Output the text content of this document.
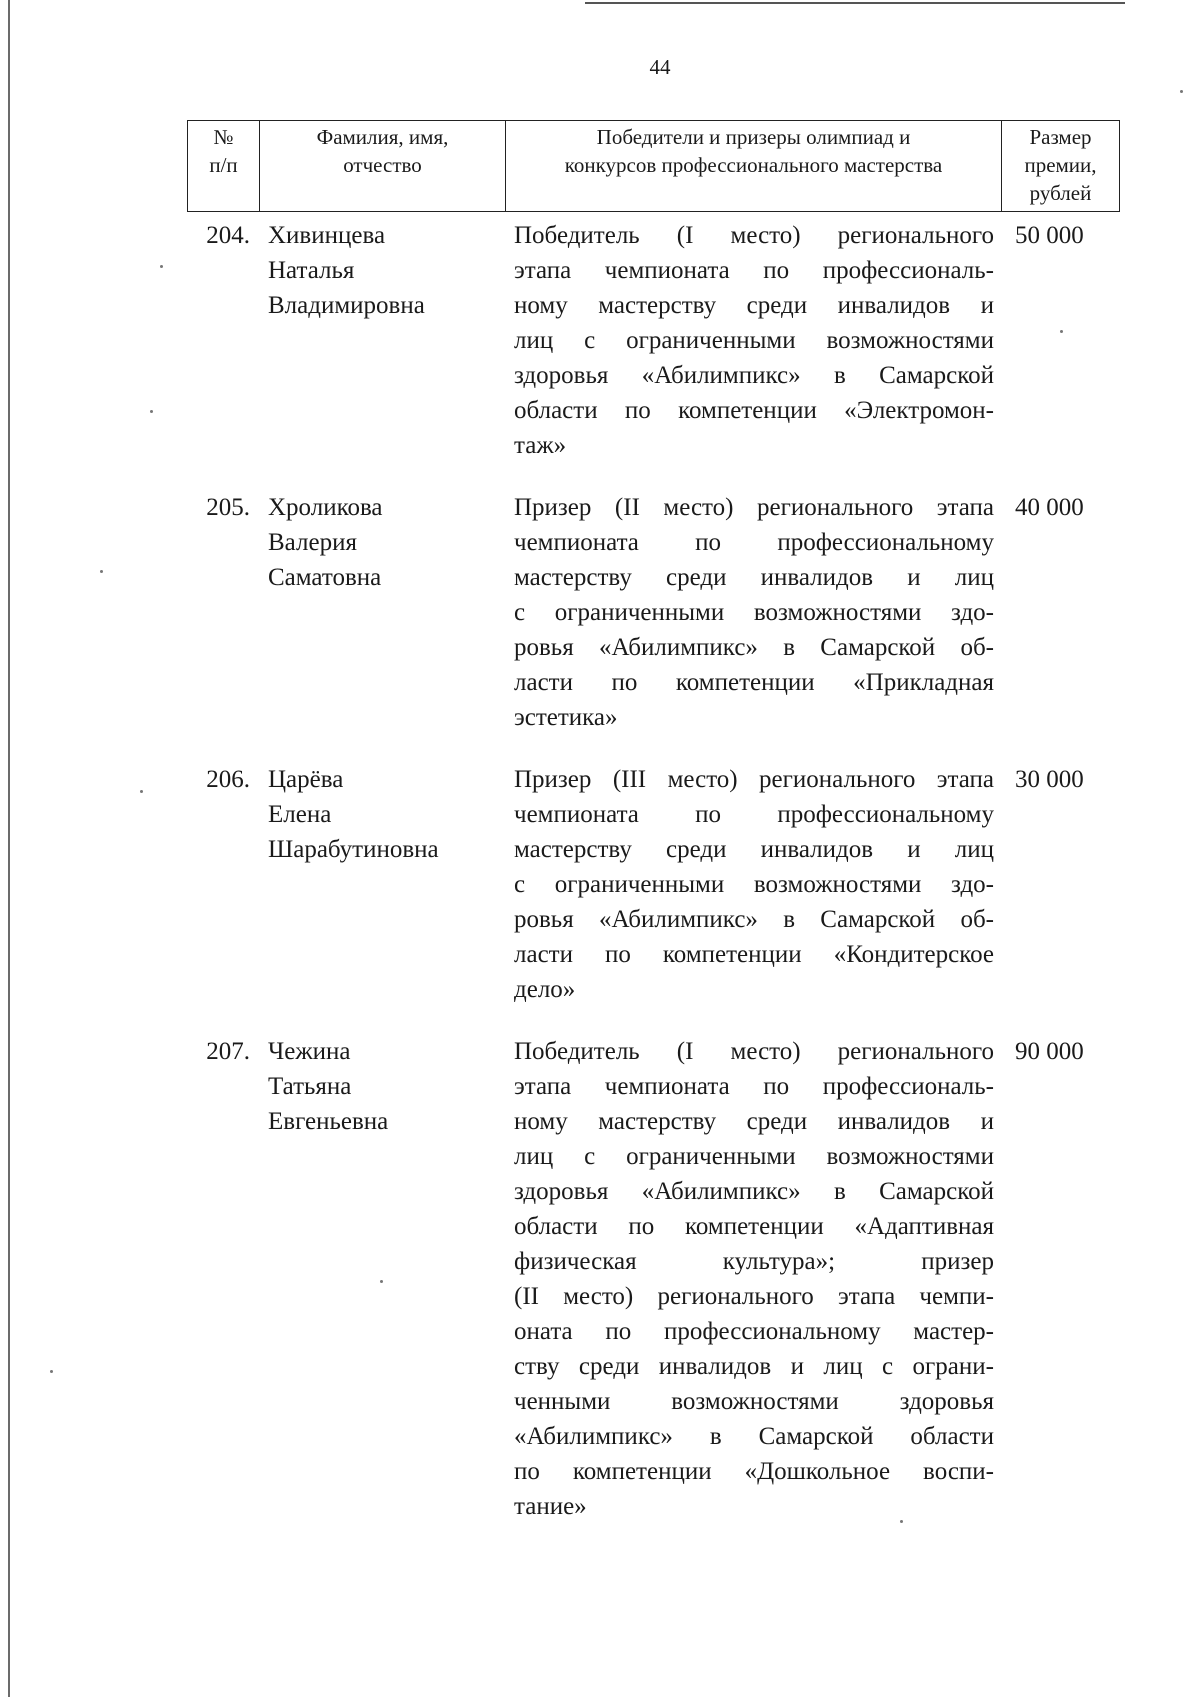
44
№
п/п
Фамилия, имя,
отчество
Победители и призеры олимпиад и
конкурсов профессионального мастерства
Размер
премии,
рублей
204. Хивинцева
Наталья
Владимировна
Победитель (I место) регионального
этапа чемпионата по профессиональ-
ному мастерству среди инвалидов и
лиц с ограниченными возможностями
здоровья «Абилимпикс» в Самарской
области по компетенции «Электромон-
таж»
50 000
205. Хроликова
Валерия
Саматовна
Призер (II место) регионального этапа
чемпионата по профессиональному
мастерству среди инвалидов и лиц
с ограниченными возможностями здо-
ровья «Абилимпикс» в Самарской об-
ласти по компетенции «Прикладная
эстетика»
40 000
206. Царёва
Елена
Шарабутиновна
Призер (III место) регионального этапа
чемпионата по профессиональному
мастерству среди инвалидов и лиц
с ограниченными возможностями здо-
ровья «Абилимпикс» в Самарской об-
ласти по компетенции «Кондитерское
дело»
30 000
207. Чежина
Татьяна
Евгеньевна
Победитель (I место) регионального
этапа чемпионата по профессиональ-
ному мастерству среди инвалидов и
лиц с ограниченными возможностями
здоровья «Абилимпикс» в Самарской
области по компетенции «Адаптивная
физическая культура»; призер
(II место) регионального этапа чемпи-
оната по профессиональному мастер-
ству среди инвалидов и лиц с ограни-
ченными возможностями здоровья
«Абилимпикс» в Самарской области
по компетенции «Дошкольное воспи-
тание»
90 000
